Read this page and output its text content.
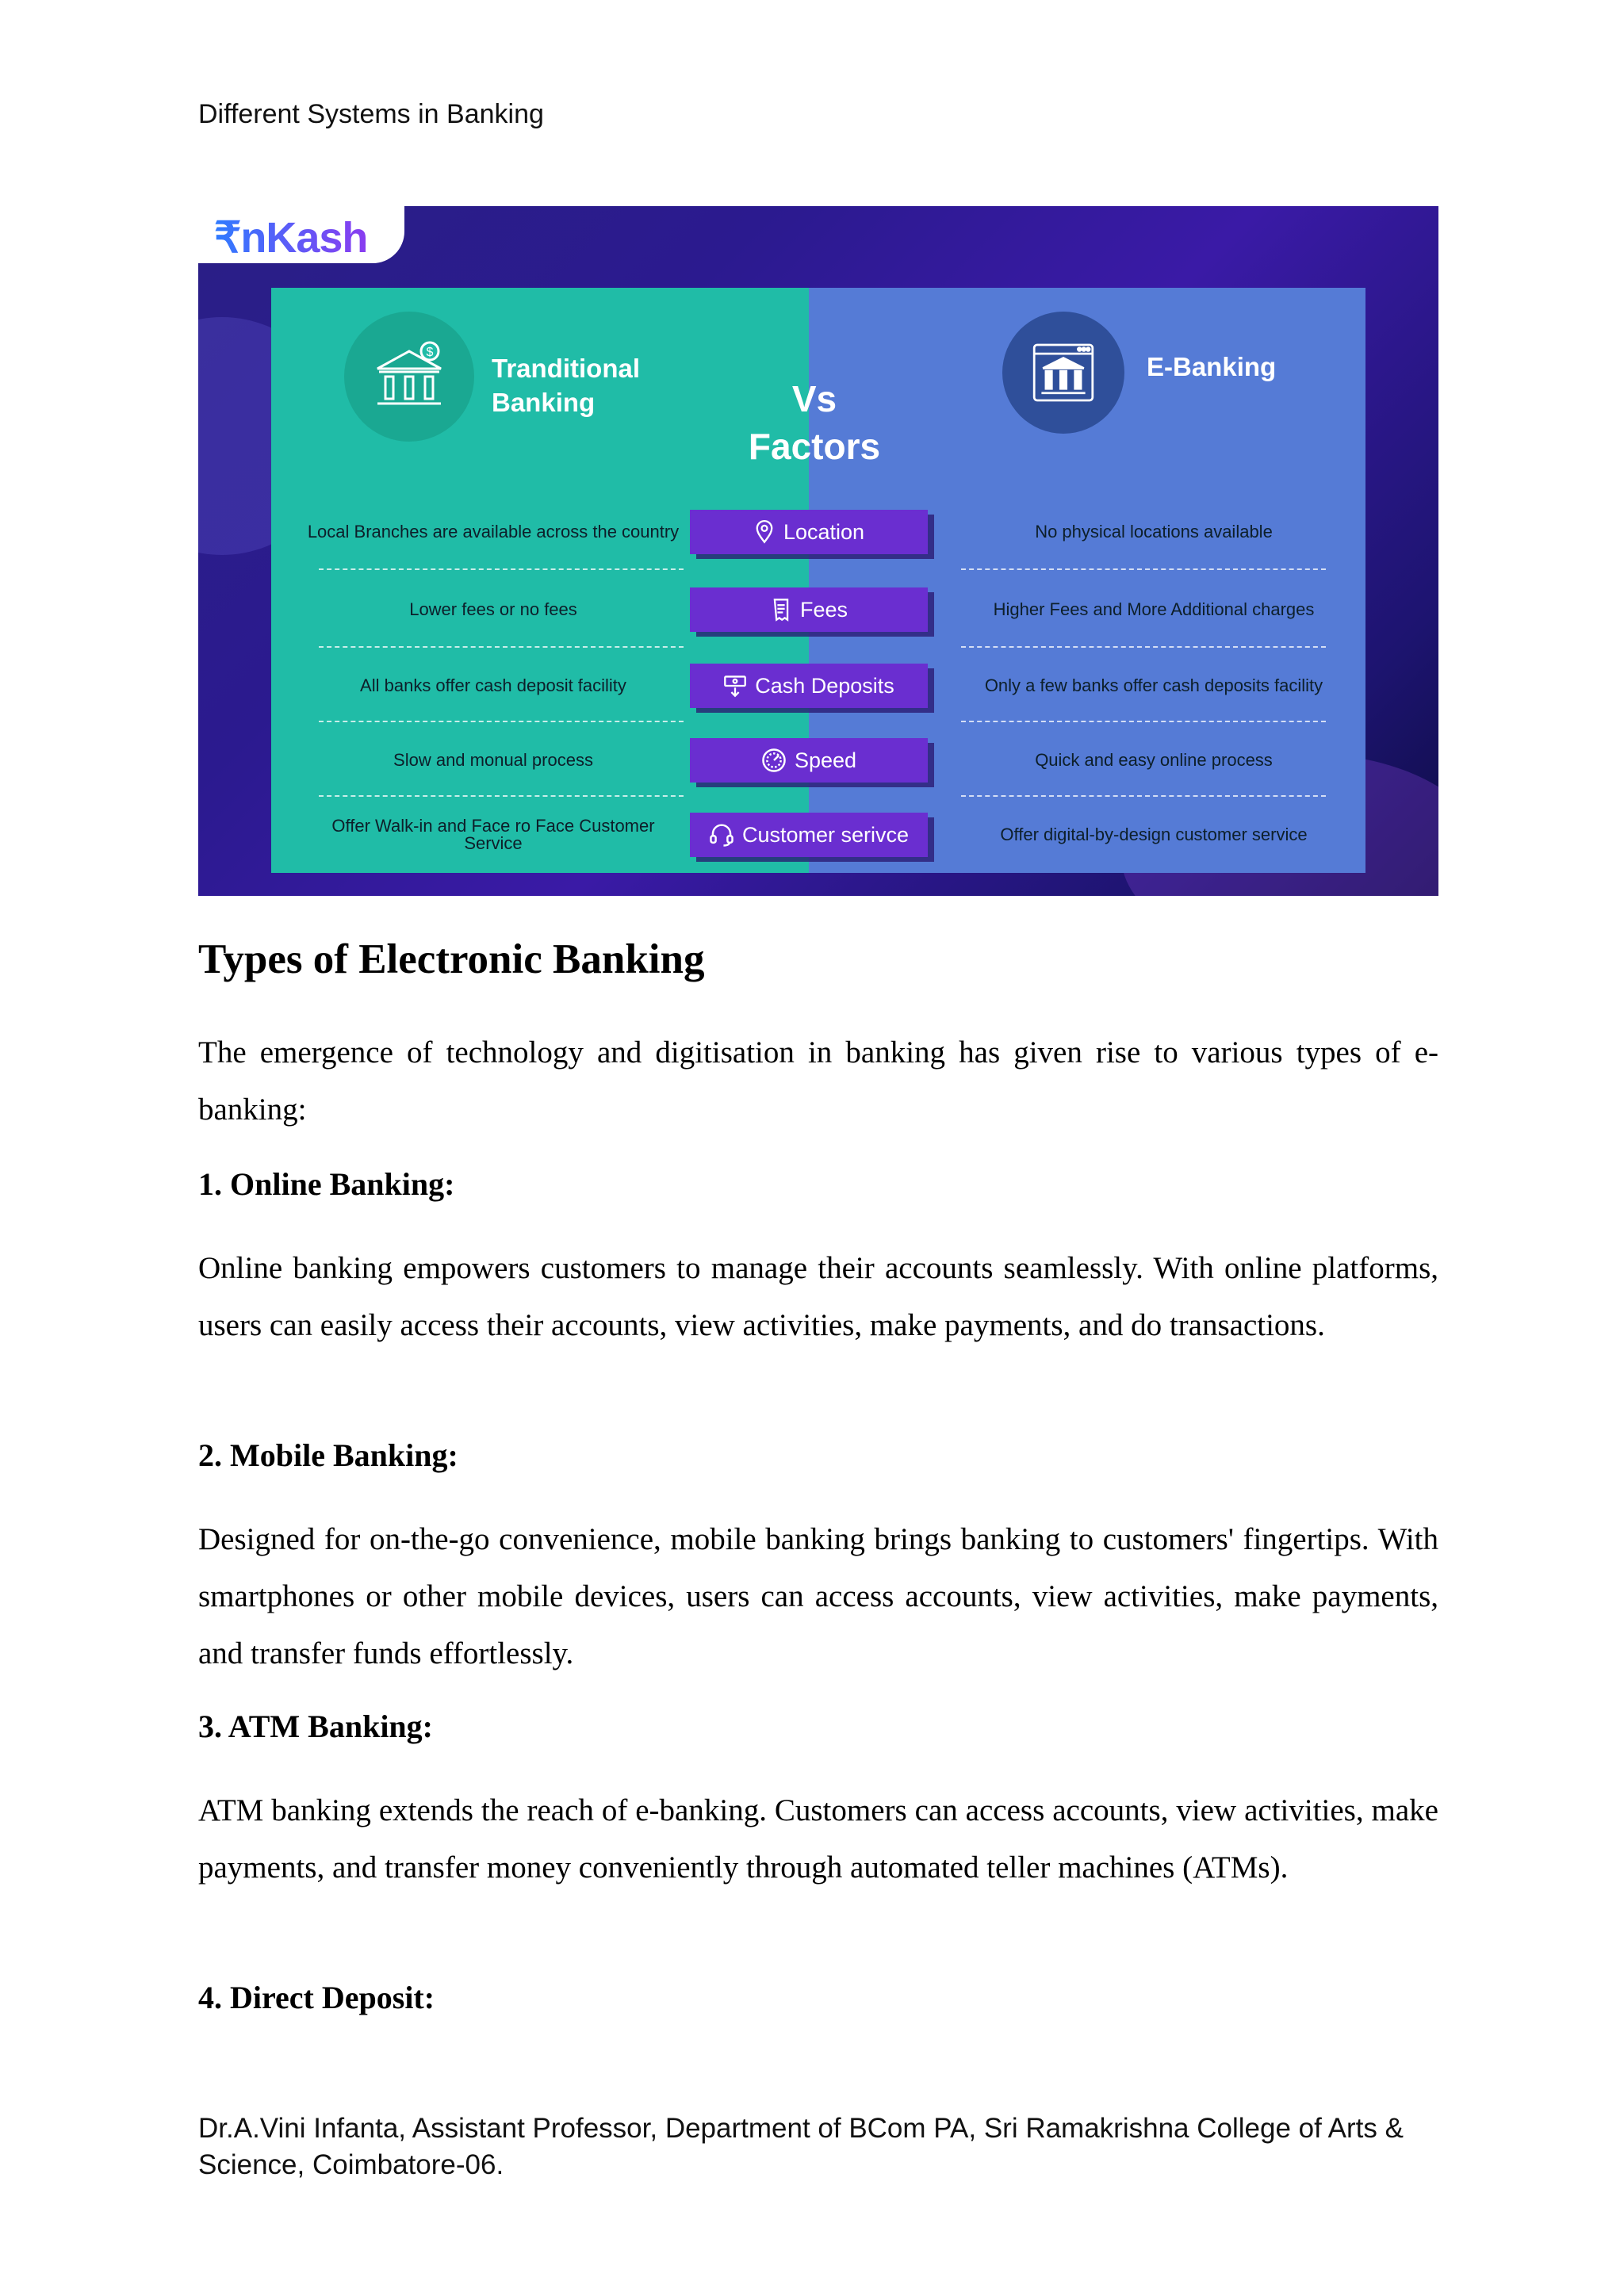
Different Systems in Banking
₹nKash
$
Tranditional Banking	Vs
Factors
E-Banking
Local Branches are available across the country	Location	No physical locations available
Lower fees or no fees	Fees	Higher Fees and More Additional charges
All banks offer cash deposit facility	Cash Deposits	Only a few banks offer cash deposits facility
Slow and monual process	Speed	Quick and easy online process
Offer Walk-in and Face ro Face Customer Service	Customer serivce	Offer digital-by-design customer service
Types of Electronic Banking
The emergence of technology and digitisation in banking has given rise to various types of e-banking:
1. Online Banking:
Online banking empowers customers to manage their accounts seamlessly. With online platforms, users can easily access their accounts, view activities, make payments, and do transactions.
2. Mobile Banking:
Designed for on-the-go convenience, mobile banking brings banking to customers' fingertips. With smartphones or other mobile devices, users can access accounts, view activities, make payments, and transfer funds effortlessly.
3. ATM Banking:
ATM banking extends the reach of e-banking. Customers can access accounts, view activities, make payments, and transfer money conveniently through automated teller machines (ATMs).
4. Direct Deposit:
Dr.A.Vini Infanta, Assistant Professor, Department of BCom PA, Sri Ramakrishna College of Arts & Science, Coimbatore-06.
